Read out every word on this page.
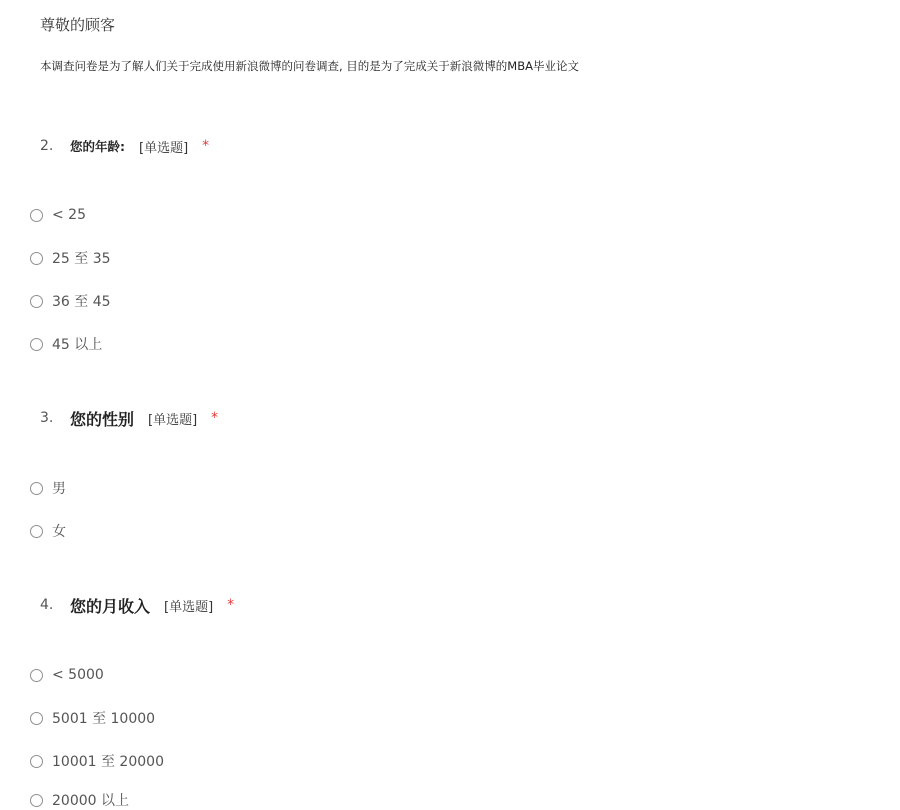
尊敬的顾客

本调查问卷是为了解人们关于完成使用新浪微博的问卷调查, 目的是为了完成关于新浪微博的MBA毕业论文

2.	您的年龄: [单选题] *
< 25
25 至 35
36 至 45
45 以上
3.	您的性别 [单选题] *
男
女
4.	您的月收入 [单选题] *
< 5000
5001 至 10000
10001 至 20000
20000 以上
